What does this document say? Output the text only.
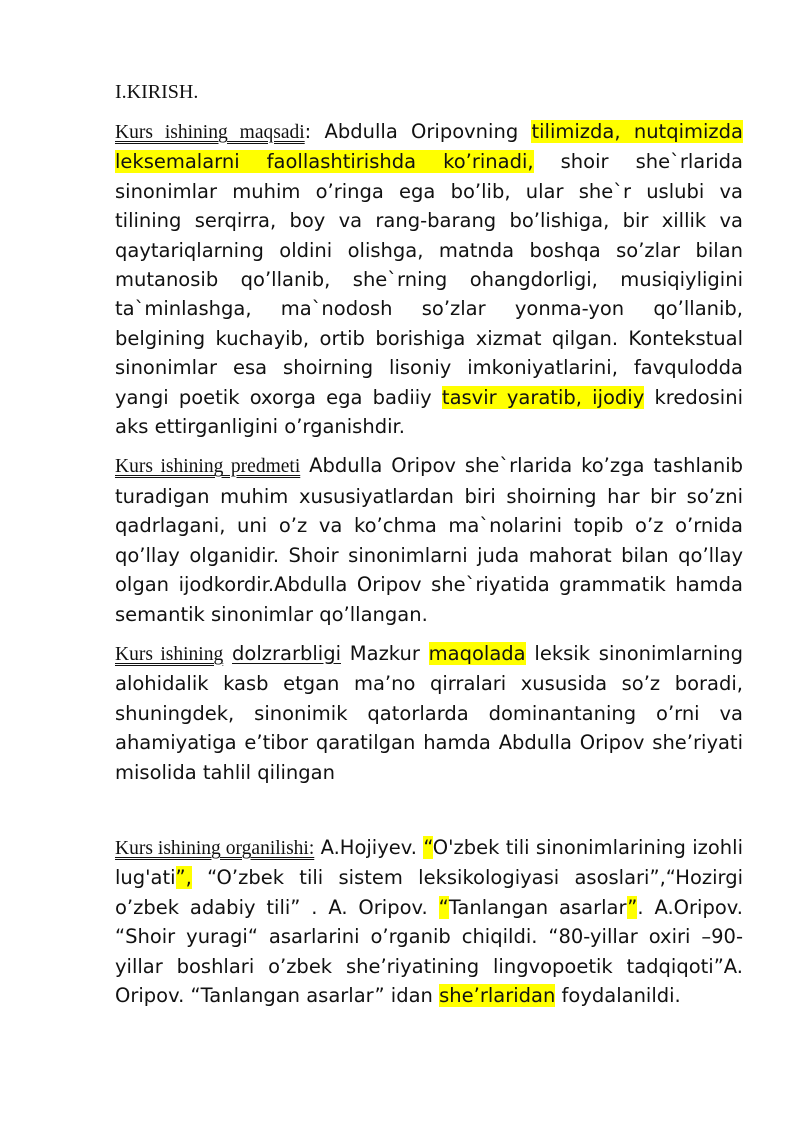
I.KIRISH.

Kurs ishining maqsadi: Abdulla Oripovning tilimizda, nutqimizda leksemalarni faollashtirishda ko’rinadi, shoir she`rlarida sinonimlar muhim o’ringa ega bo’lib, ular she`r uslubi va tilining serqirra, boy va rang-barang bo’lishiga, bir xillik va qaytariqlarning oldini olishga, matnda boshqa so’zlar bilan mutanosib qo’llanib, she`rning ohangdorligi, musiqiyligini ta`minlashga, ma`nodosh so’zlar yonma-yon qo’llanib, belgining kuchayib, ortib borishiga xizmat qilgan. Kontekstual sinonimlar esa shoirning lisoniy imkoniyatlarini, favqulodda yangi poetik oxorga ega badiiy tasvir yaratib, ijodiy kredosini aks ettirganligini o’rganishdir.

Kurs ishining predmeti Abdulla Oripov she`rlarida ko’zga tashlanib turadigan muhim xususiyatlardan biri shoirning har bir so’zni qadrlagani, uni o’z va ko’chma ma`nolarini topib o’z o’rnida qo’llay olganidir. Shoir sinonimlarni juda mahorat bilan qo’llay olgan ijodkordir.Abdulla Oripov she`riyatida grammatik hamda semantik sinonimlar qo’llangan.

Kurs ishining dolzrarbligi Mazkur maqolada leksik sinonimlarning alohidalik kasb etgan ma’no qirralari xususida so’z boradi, shuningdek, sinonimik qatorlarda dominantaning o’rni va ahamiyatiga e’tibor qaratilgan hamda Abdulla Oripov she’riyati misolida tahlil qilingan

Kurs ishining organilishi: A.Hojiyev. “O'zbek tili sinonimlarining izohli lug'ati”, “O’zbek tili sistem leksikologiyasi asoslari”,“Hozirgi o’zbek adabiy tili” . A. Oripov. “Tanlangan asarlar”. A.Oripov. “Shoir yuragi“ asarlarini o’rganib chiqildi. “80-yillar oxiri –90-yillar boshlari o’zbek she’riyatining lingvopoetik tadqiqoti”A. Oripov. “Tanlangan asarlar” idan she’rlaridan foydalanildi.
